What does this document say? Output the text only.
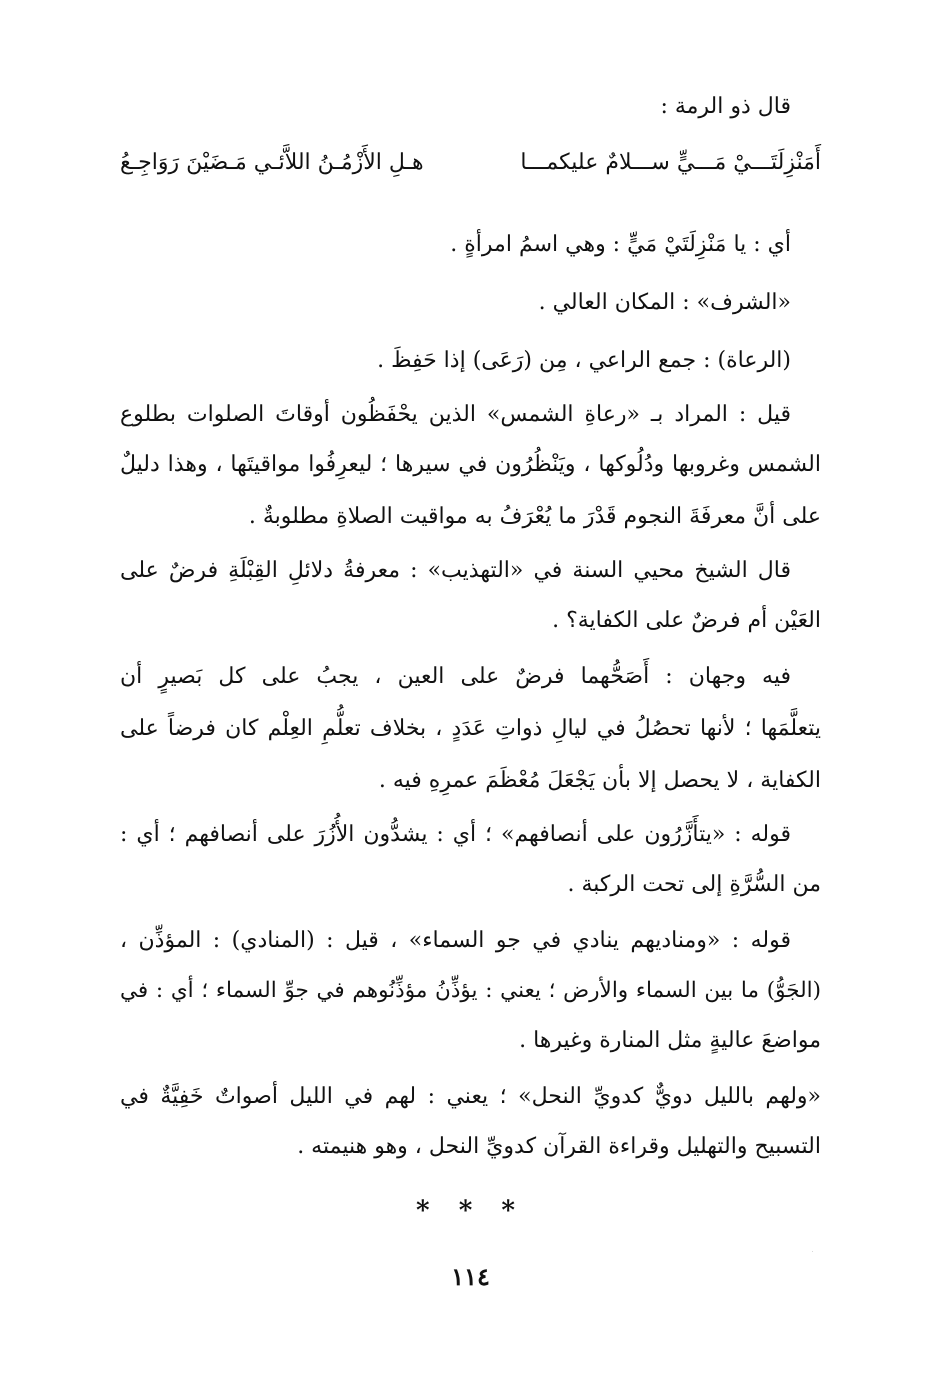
قال ذو الرمة :
أَمَنْزِلَتَـــيْ مَـــيٍّ ســـلامٌ عليكمـــا
هـلِ الأَزْمُـنُ اللاَّئـي مَـضَيْنَ رَوَاجِـعُ
أي : يا مَنْزِلَتَيْ مَيٍّ : وهي اسمُ امرأةٍ .
«الشرف» : المكان العالي .
(الرعاة) : جمع الراعي ، مِن (رَعَى) إذا حَفِظَ .
قيل : المراد بـ «رعاةِ الشمس» الذين يحْفَظُون أوقاتَ الصلوات بطلوع
الشمس وغروبها ودُلُوكها ، ويَنْظُرُون في سيرها ؛ ليعرِفُوا مواقيتَها ، وهذا دليلٌ
على أنَّ معرفَةَ النجوم قَدْرَ ما يُعْرَفُ به مواقيت الصلاةِ مطلوبةٌ .
قال الشيخ محيي السنة في «التهذيب» : معرفةُ دلائلِ القِبْلَةِ فرضٌ على
العَيْن أم فرضٌ على الكفاية؟ .
فيه وجهان : أَصَحُّهما فرضٌ على العين ، يجبُ على كل بَصيرٍ أن
يتعلَّمَها ؛ لأنها تحصُلُ في ليالِ ذواتِ عَدَدٍ ، بخلاف تعلُّمِ العِلْم كان فرضاً على
الكفاية ، لا يحصل إلا بأن يَجْعَلَ مُعْظَمَ عمرِهِ فيه .
قوله : «يتأَزَّرُون على أنصافهم» ؛ أي : يشدُّون الأُزُرَ على أنصافهم ؛ أي :
من السُّرَّةِ إلى تحت الركبة .
قوله : «ومناديهم ينادي في جو السماء» ، قيل : (المنادي) : المؤذِّن ،
(الجَوُّ) ما بين السماء والأرض ؛ يعني : يؤذِّنُ مؤذِّنُوهم في جوِّ السماء ؛ أي : في
مواضعَ عاليةٍ مثل المنارة وغيرها .
«ولهم بالليل دويٌّ كدويِّ النحل» ؛ يعني : لهم في الليل أصواتٌ خَفِيَّةٌ في
التسبيح والتهليل وقراءة القرآن كدويِّ النحل ، وهو هنيمته .
* * *
١١٤
